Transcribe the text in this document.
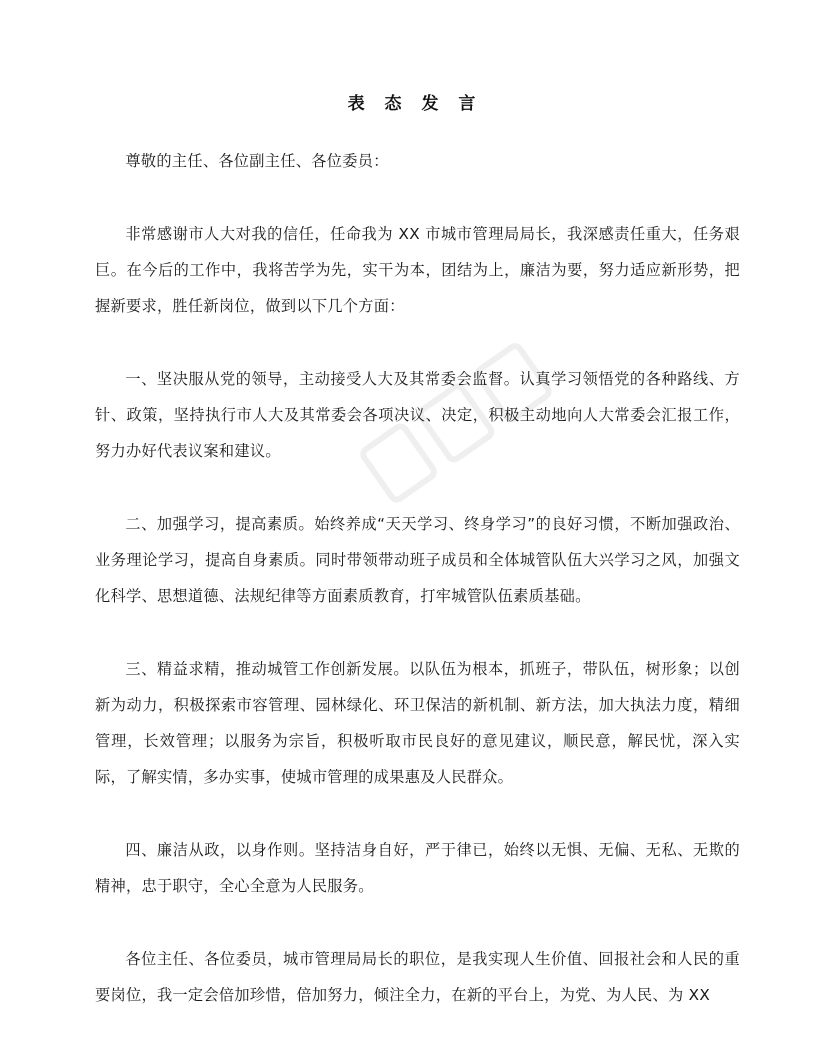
表 态 发 言

尊敬的主任、各位副主任、各位委员：

非常感谢市人大对我的信任，任命我为 XX 市城市管理局局长，我深感责任重大，任务艰巨。在今后的工作中，我将苦学为先，实干为本，团结为上，廉洁为要，努力适应新形势，把握新要求，胜任新岗位，做到以下几个方面：

一、坚决服从党的领导，主动接受人大及其常委会监督。认真学习领悟党的各种路线、方针、政策，坚持执行市人大及其常委会各项决议、决定，积极主动地向人大常委会汇报工作，努力办好代表议案和建议。

二、加强学习，提高素质。始终养成“天天学习、终身学习”的良好习惯，不断加强政治、业务理论学习，提高自身素质。同时带领带动班子成员和全体城管队伍大兴学习之风，加强文化科学、思想道德、法规纪律等方面素质教育，打牢城管队伍素质基础。

三、精益求精，推动城管工作创新发展。以队伍为根本，抓班子，带队伍，树形象；以创新为动力，积极探索市容管理、园林绿化、环卫保洁的新机制、新方法，加大执法力度，精细管理，长效管理；以服务为宗旨，积极听取市民良好的意见建议，顺民意，解民忧，深入实际，了解实情，多办实事，使城市管理的成果惠及人民群众。

四、廉洁从政，以身作则。坚持洁身自好，严于律已，始终以无惧、无偏、无私、无欺的精神，忠于职守，全心全意为人民服务。

各位主任、各位委员，城市管理局局长的职位，是我实现人生价值、回报社会和人民的重要岗位，我一定会倍加珍惜，倍加努力，倾注全力，在新的平台上，为党、为人民、为 XX
